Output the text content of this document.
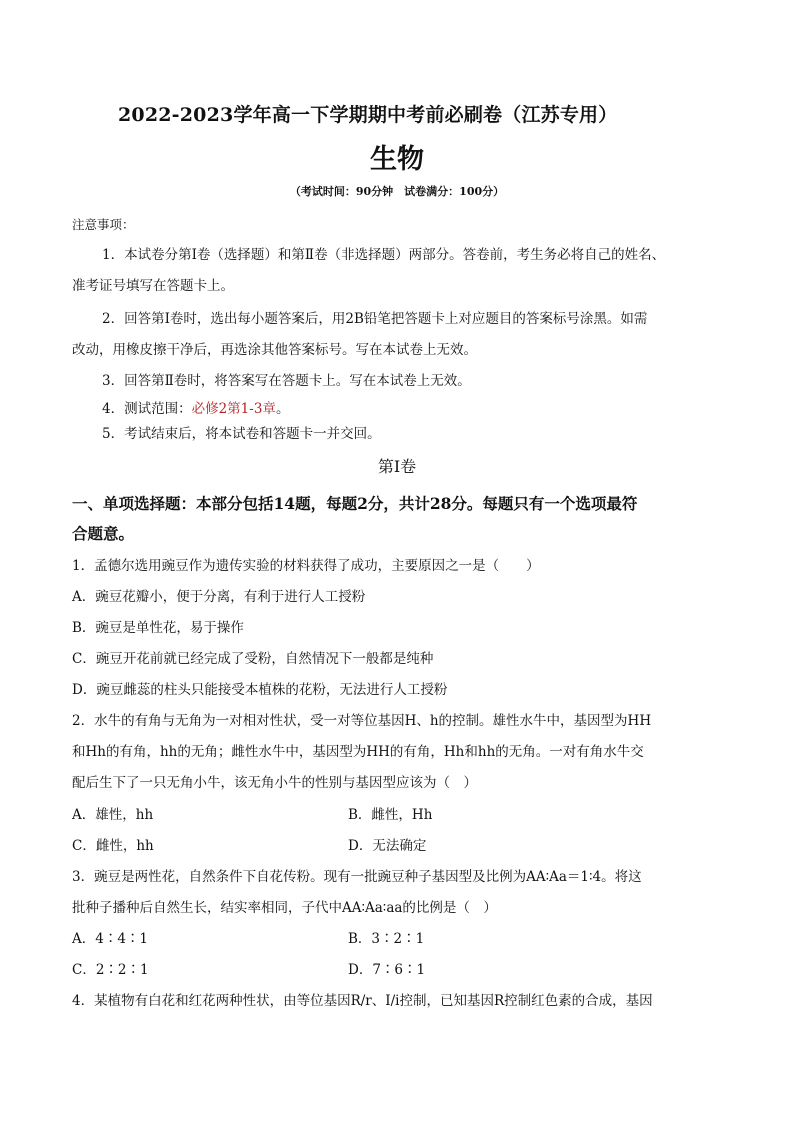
2022-2023学年高一下学期期中考前必刷卷（江苏专用）
生物
（考试时间：90分钟　试卷满分：100分）
注意事项：
1．本试卷分第Ⅰ卷（选择题）和第Ⅱ卷（非选择题）两部分。答卷前，考生务必将自己的姓名、
准考证号填写在答题卡上。
2．回答第Ⅰ卷时，选出每小题答案后，用2B铅笔把答题卡上对应题目的答案标号涂黑。如需
改动，用橡皮擦干净后，再选涂其他答案标号。写在本试卷上无效。
3．回答第Ⅱ卷时，将答案写在答题卡上。写在本试卷上无效。
4．测试范围：必修2第1-3章。
5．考试结束后，将本试卷和答题卡一并交回。
第Ⅰ卷
一、单项选择题：本部分包括14题，每题2分，共计28分。每题只有一个选项最符
合题意。
1．孟德尔选用豌豆作为遗传实验的材料获得了成功，主要原因之一是（　　）
A．豌豆花瓣小，便于分离，有利于进行人工授粉
B．豌豆是单性花，易于操作
C．豌豆开花前就已经完成了受粉，自然情况下一般都是纯种
D．豌豆雌蕊的柱头只能接受本植株的花粉，无法进行人工授粉
2．水牛的有角与无角为一对相对性状，受一对等位基因H、h的控制。雄性水牛中，基因型为HH
和Hh的有角，hh的无角；雌性水牛中，基因型为HH的有角，Hh和hh的无角。一对有角水牛交
配后生下了一只无角小牛，该无角小牛的性别与基因型应该为（　）
A．雄性，hh	B．雌性，Hh
C．雌性，hh	D．无法确定
3．豌豆是两性花，自然条件下自花传粉。现有一批豌豆种子基因型及比例为AA∶Aa＝1∶4。将这
批种子播种后自然生长，结实率相同，子代中AA∶Aa∶aa的比例是（　）
A．4∶4∶1	B．3∶2∶1
C．2∶2∶1	D．7∶6∶1
4．某植物有白花和红花两种性状，由等位基因R/r、I/i控制，已知基因R控制红色素的合成，基因
